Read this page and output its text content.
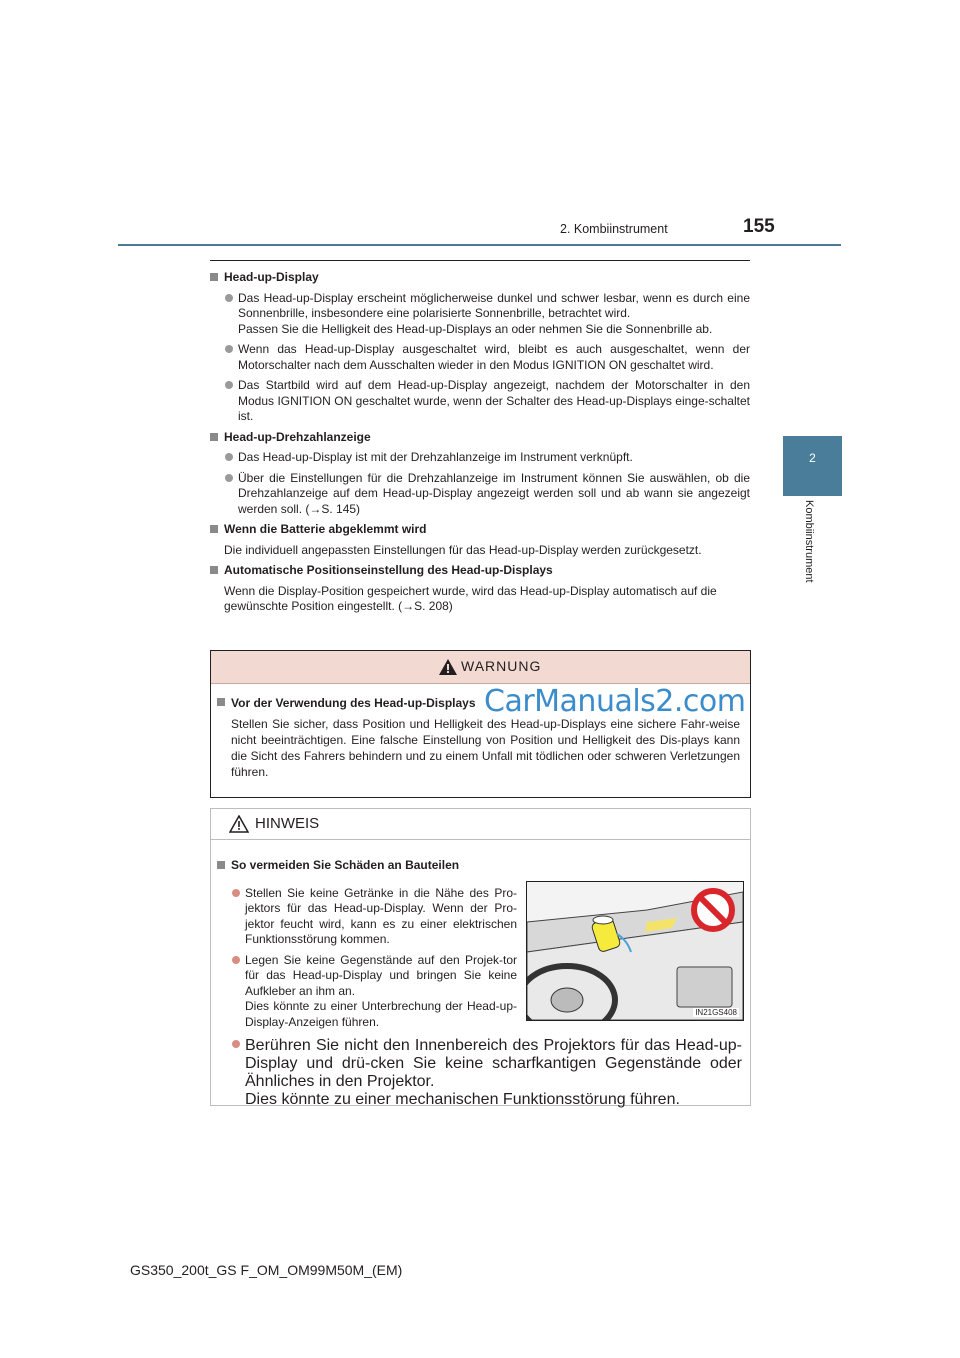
2. Kombiinstrument	155
2
Kombiinstrument
Head-up-Display
Das Head-up-Display erscheint möglicherweise dunkel und schwer lesbar, wenn es durch eine Sonnenbrille, insbesondere eine polarisierte Sonnenbrille, betrachtet wird.
Passen Sie die Helligkeit des Head-up-Displays an oder nehmen Sie die Sonnenbrille ab.
Wenn das Head-up-Display ausgeschaltet wird, bleibt es auch ausgeschaltet, wenn der Motorschalter nach dem Ausschalten wieder in den Modus IGNITION ON geschaltet wird.
Das Startbild wird auf dem Head-up-Display angezeigt, nachdem der Motorschalter in den Modus IGNITION ON geschaltet wurde, wenn der Schalter des Head-up-Displays einge-schaltet ist.
Head-up-Drehzahlanzeige
Das Head-up-Display ist mit der Drehzahlanzeige im Instrument verknüpft.
Über die Einstellungen für die Drehzahlanzeige im Instrument können Sie auswählen, ob die Drehzahlanzeige auf dem Head-up-Display angezeigt werden soll und ab wann sie angezeigt werden soll. (→S. 145)
Wenn die Batterie abgeklemmt wird
Die individuell angepassten Einstellungen für das Head-up-Display werden zurückgesetzt.
Automatische Positionseinstellung des Head-up-Displays
Wenn die Display-Position gespeichert wurde, wird das Head-up-Display automatisch auf die gewünschte Position eingestellt. (→S. 208)
WARNUNG
Vor der Verwendung des Head-up-Displays
Stellen Sie sicher, dass Position und Helligkeit des Head-up-Displays eine sichere Fahr-weise nicht beeinträchtigen. Eine falsche Einstellung von Position und Helligkeit des Dis-plays kann die Sicht des Fahrers behindern und zu einem Unfall mit tödlichen oder schweren Verletzungen führen.
CarManuals2.com
HINWEIS
So vermeiden Sie Schäden an Bauteilen
Stellen Sie keine Getränke in die Nähe des Pro-jektors für das Head-up-Display. Wenn der Pro-jektor feucht wird, kann es zu einer elektrischen Funktionsstörung kommen.
Legen Sie keine Gegenstände auf den Projek-tor für das Head-up-Display und bringen Sie keine Aufkleber an ihm an.
Dies könnte zu einer Unterbrechung der Head-up-Display-Anzeigen führen.
IN21GS408
Berühren Sie nicht den Innenbereich des Projektors für das Head-up-Display und drü-cken Sie keine scharfkantigen Gegenstände oder Ähnliches in den Projektor.
Dies könnte zu einer mechanischen Funktionsstörung führen.
GS350_200t_GS F_OM_OM99M50M_(EM)
